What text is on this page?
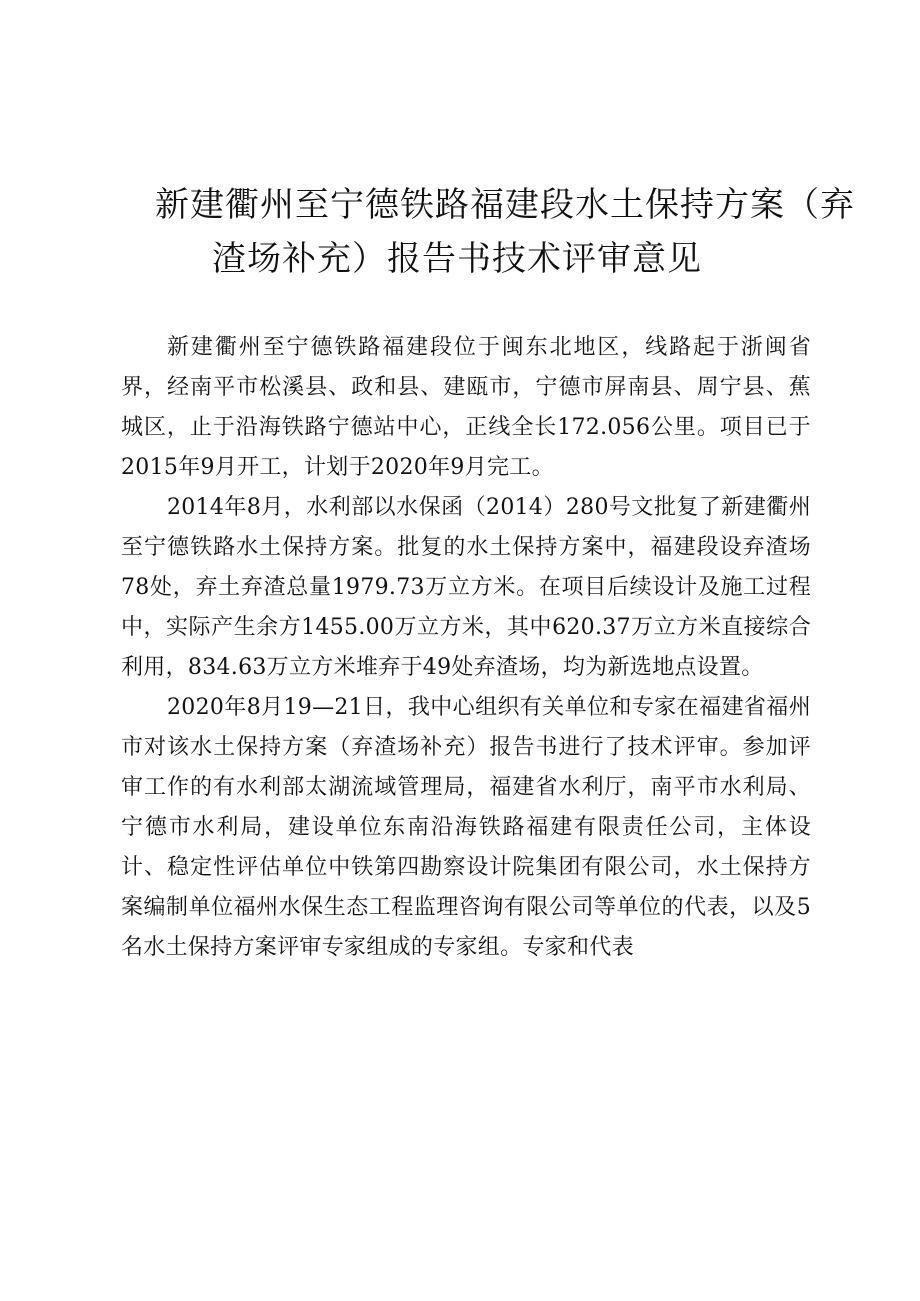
新建衢州至宁德铁路福建段水土保持方案（弃
渣场补充）报告书技术评审意见

新建衢州至宁德铁路福建段位于闽东北地区，线路起于浙闽省界，经南平市松溪县、政和县、建瓯市，宁德市屏南县、周宁县、蕉城区，止于沿海铁路宁德站中心，正线全长172.056公里。项目已于2015年9月开工，计划于2020年9月完工。

2014年8月，水利部以水保函（2014）280号文批复了新建衢州至宁德铁路水土保持方案。批复的水土保持方案中，福建段设弃渣场78处，弃土弃渣总量1979.73万立方米。在项目后续设计及施工过程中，实际产生余方1455.00万立方米，其中620.37万立方米直接综合利用，834.63万立方米堆弃于49处弃渣场，均为新选地点设置。

2020年8月19—21日，我中心组织有关单位和专家在福建省福州市对该水土保持方案（弃渣场补充）报告书进行了技术评审。参加评审工作的有水利部太湖流域管理局，福建省水利厅，南平市水利局、宁德市水利局，建设单位东南沿海铁路福建有限责任公司，主体设计、稳定性评估单位中铁第四勘察设计院集团有限公司，水土保持方案编制单位福州水保生态工程监理咨询有限公司等单位的代表，以及5名水土保持方案评审专家组成的专家组。专家和代表
